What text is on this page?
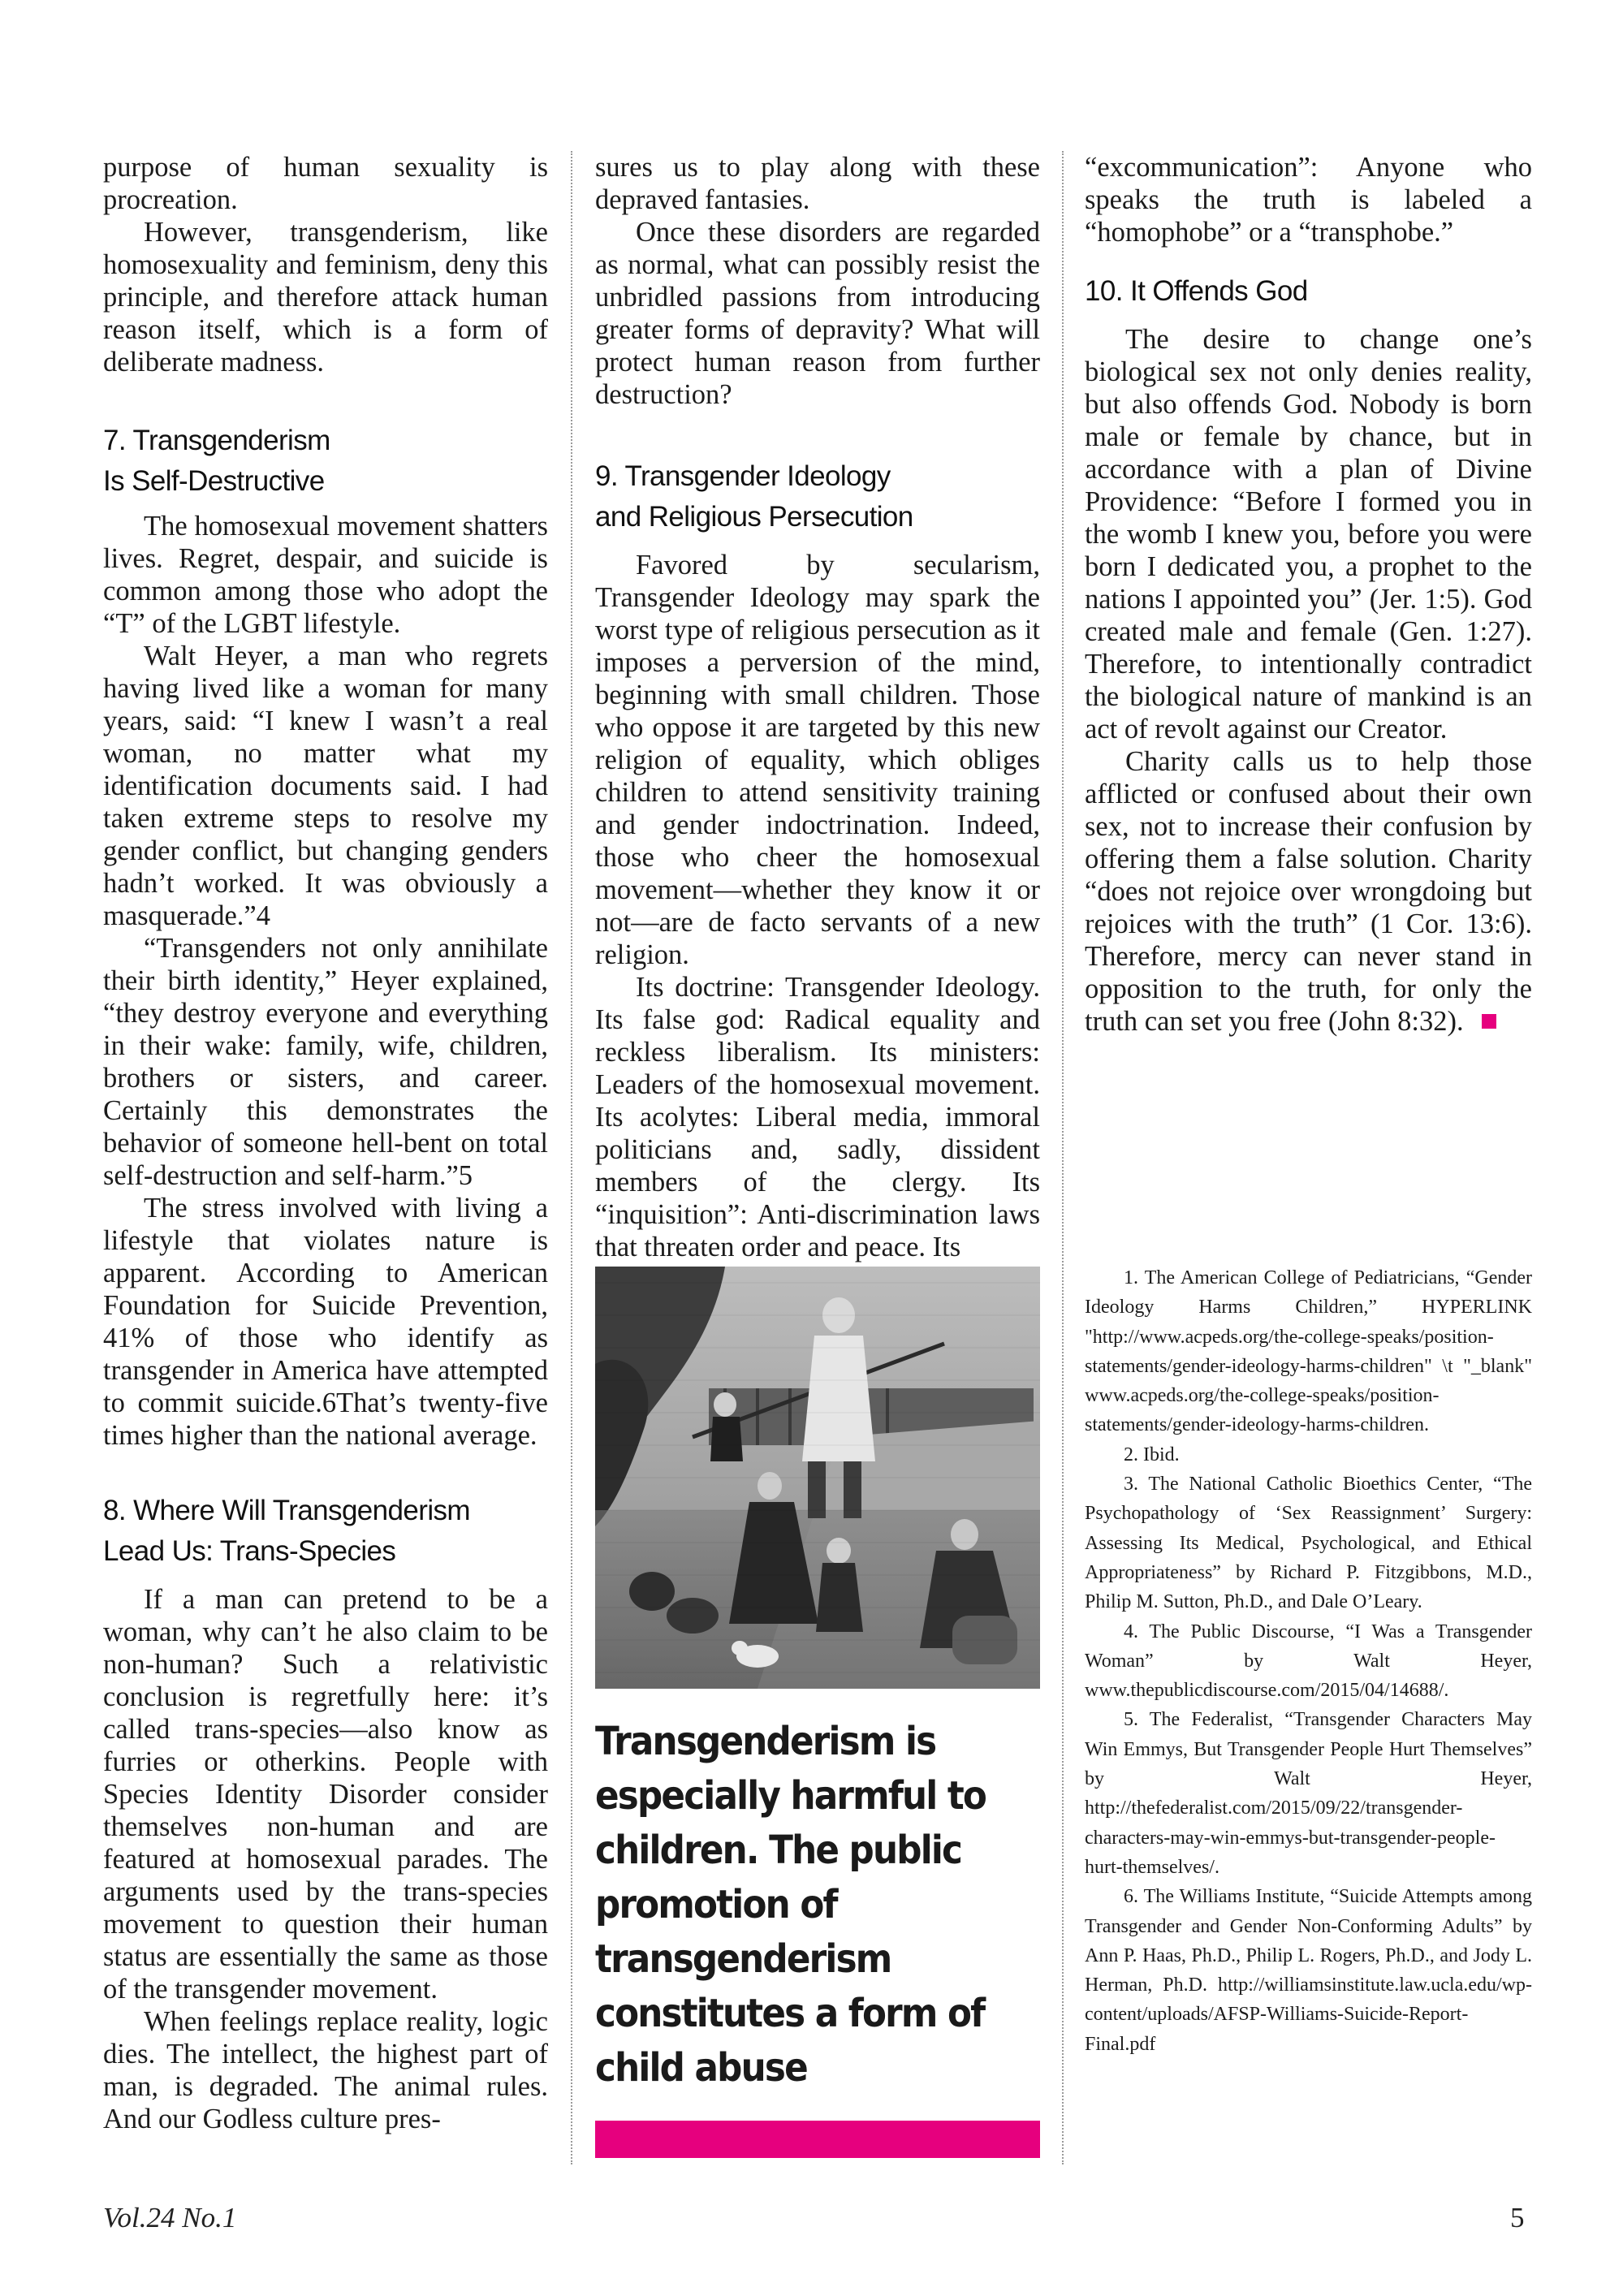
purpose of human sexuality is procreation.

However, transgenderism, like homosexuality and feminism, deny this principle, and therefore attack human reason itself, which is a form of deliberate madness.

7. Transgenderism
Is Self-Destructive

The homosexual movement shatters lives. Regret, despair, and suicide is common among those who adopt the “T” of the LGBT lifestyle.

Walt Heyer, a man who regrets having lived like a woman for many years, said: “I knew I wasn’t a real woman, no matter what my identification documents said. I had taken extreme steps to resolve my gender conflict, but changing genders hadn’t worked. It was obviously a masquerade.”4

“Transgenders not only annihilate their birth identity,” Heyer explained, “they destroy everyone and everything in their wake: family, wife, children, brothers or sisters, and career. Certainly this demonstrates the behavior of someone hell-bent on total self-destruction and self-harm.”5

The stress involved with living a lifestyle that violates nature is apparent. According to American Foundation for Suicide Prevention, 41% of those who identify as transgender in America have attempted to commit suicide.6That’s twenty-five times higher than the national average.

8. Where Will Transgenderism
Lead Us: Trans-Species

If a man can pretend to be a woman, why can’t he also claim to be non-human? Such a relativistic conclusion is regretfully here: it’s called trans-species—also know as furries or otherkins. People with Species Identity Disorder consider themselves non-human and are featured at homosexual parades. The arguments used by the trans-species movement to question their human status are essentially the same as those of the transgender movement.

When feelings replace reality, logic dies. The intellect, the highest part of man, is degraded. The animal rules. And our Godless culture pres-

sures us to play along with these depraved fantasies.

Once these disorders are regarded as normal, what can possibly resist the unbridled passions from introducing greater forms of depravity? What will protect human reason from further destruction?

9. Transgender Ideology
and Religious Persecution

Favored by secularism, Transgender Ideology may spark the worst type of religious persecution as it imposes a perversion of the mind, beginning with small children. Those who oppose it are targeted by this new religion of equality, which obliges children to attend sensitivity training and gender indoctrination. Indeed, those who cheer the homosexual movement—whether they know it or not—are de facto servants of a new religion.

Its doctrine: Transgender Ideology. Its false god: Radical equality and reckless liberalism. Its ministers: Leaders of the homosexual movement. Its acolytes: Liberal media, immoral politicians and, sadly, dissident members of the clergy. Its “inquisition”: Anti-discrimination laws that threaten order and peace. Its

Transgenderism is especially harmful to children. The public promotion of transgenderism constitutes a form of child abuse

“excommunication”: Anyone who speaks the truth is labeled a “homophobe” or a “transphobe.”

10. It Offends God

The desire to change one’s biological sex not only denies reality, but also offends God. Nobody is born male or female by chance, but in accordance with a plan of Divine Providence: “Before I formed you in the womb I knew you, before you were born I dedicated you, a prophet to the nations I appointed you” (Jer. 1:5). God created male and female (Gen. 1:27). Therefore, to intentionally contradict the biological nature of mankind is an act of revolt against our Creator.

Charity calls us to help those afflicted or confused about their own sex, not to increase their confusion by offering them a false solution. Charity “does not rejoice over wrongdoing but rejoices with the truth” (1 Cor. 13:6). Therefore, mercy can never stand in opposition to the truth, for only the truth can set you free (John 8:32).

1. The American College of Pediatricians, “Gender Ideology Harms Children,” HYPERLINK "http://www.acpeds.org/the-college-speaks/position-statements/gender-ideology-harms-children" \t "_blank" www.acpeds.org/the-college-speaks/position-statements/gender-ideology-harms-children.

2. Ibid.

3. The National Catholic Bioethics Center, “The Psychopathology of ‘Sex Reassignment’ Surgery: Assessing Its Medical, Psychological, and Ethical Appropriateness” by Richard P. Fitzgibbons, M.D., Philip M. Sutton, Ph.D., and Dale O’Leary.

4. The Public Discourse, “I Was a Transgender Woman” by Walt Heyer, www.thepublicdiscourse.com/2015/04/14688/.

5. The Federalist, “Transgender Characters May Win Emmys, But Transgender People Hurt Themselves” by Walt Heyer, http://thefederalist.com/2015/09/22/transgender-characters-may-win-emmys-but-transgender-people-hurt-themselves/.

6. The Williams Institute, “Suicide Attempts among Transgender and Gender Non-Conforming Adults” by Ann P. Haas, Ph.D., Philip L. Rogers, Ph.D., and Jody L. Herman, Ph.D. http://williamsinstitute.law.ucla.edu/wp-content/uploads/AFSP-Williams-Suicide-Report-Final.pdf

Vol.24 No.1	5
